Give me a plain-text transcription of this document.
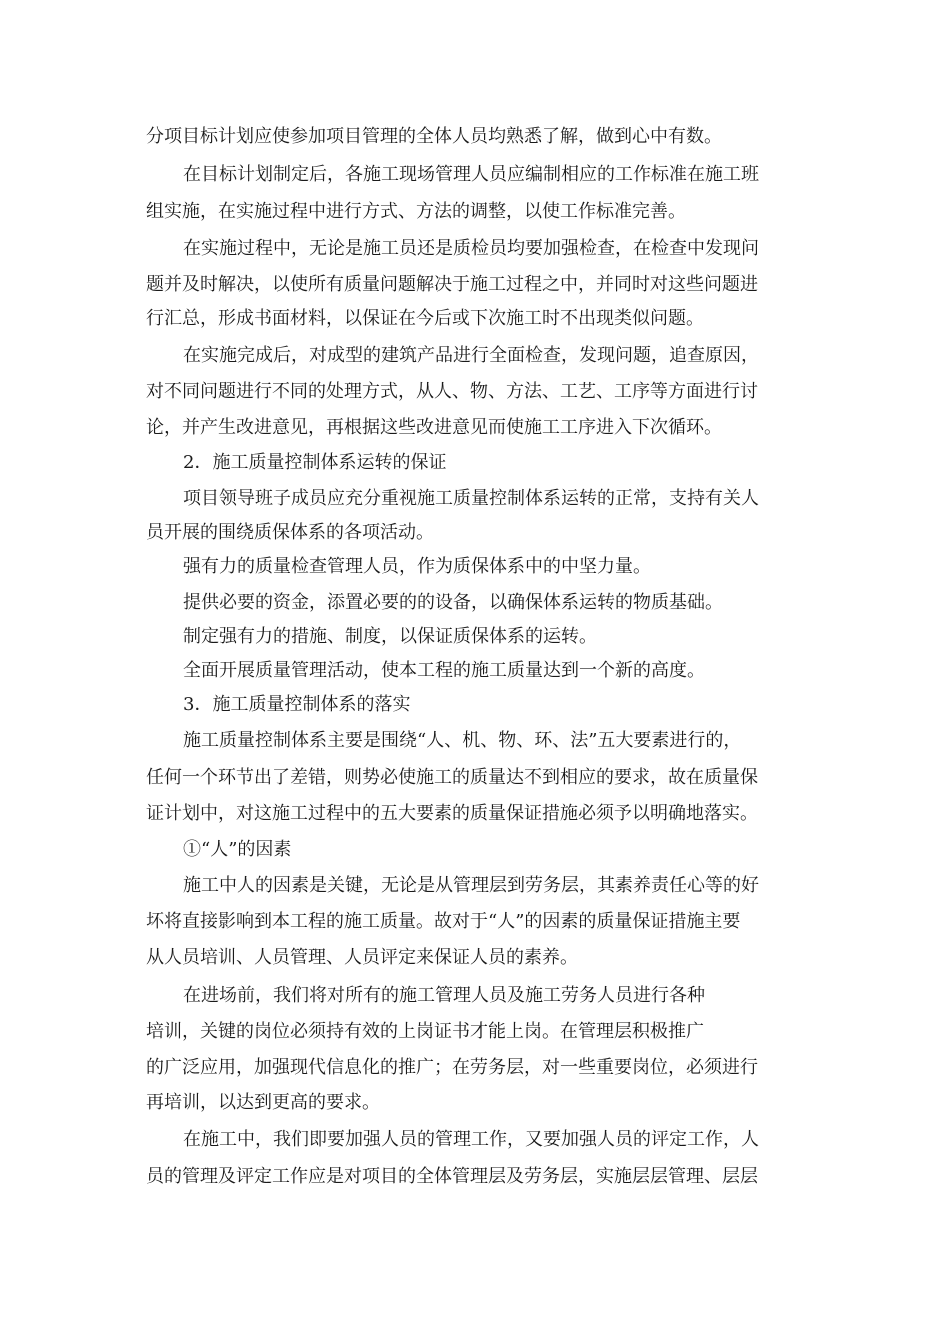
分项目标计划应使参加项目管理的全体人员均熟悉了解，做到心中有数。
在目标计划制定后，各施工现场管理人员应编制相应的工作标准在施工班
组实施，在实施过程中进行方式、方法的调整，以使工作标准完善。
在实施过程中，无论是施工员还是质检员均要加强检查，在检查中发现问
题并及时解决，以使所有质量问题解决于施工过程之中，并同时对这些问题进
行汇总，形成书面材料，以保证在今后或下次施工时不出现类似问题。
在实施完成后，对成型的建筑产品进行全面检查，发现问题，追查原因，
对不同问题进行不同的处理方式，从人、物、方法、工艺、工序等方面进行讨
论，并产生改进意见，再根据这些改进意见而使施工工序进入下次循环。
2．施工质量控制体系运转的保证
项目领导班子成员应充分重视施工质量控制体系运转的正常，支持有关人
员开展的围绕质保体系的各项活动。
强有力的质量检查管理人员，作为质保体系中的中坚力量。
提供必要的资金，添置必要的的设备，以确保体系运转的物质基础。
制定强有力的措施、制度，以保证质保体系的运转。
全面开展质量管理活动，使本工程的施工质量达到一个新的高度。
3．施工质量控制体系的落实
施工质量控制体系主要是围绕“人、机、物、环、法”五大要素进行的，
任何一个环节出了差错，则势必使施工的质量达不到相应的要求，故在质量保
证计划中，对这施工过程中的五大要素的质量保证措施必须予以明确地落实。
①“人”的因素
施工中人的因素是关键，无论是从管理层到劳务层，其素养责任心等的好
坏将直接影响到本工程的施工质量。故对于“人”的因素的质量保证措施主要
从人员培训、人员管理、人员评定来保证人员的素养。
在进场前，我们将对所有的施工管理人员及施工劳务人员进行各种
培训，关键的岗位必须持有效的上岗证书才能上岗。在管理层积极推广
的广泛应用，加强现代信息化的推广；在劳务层，对一些重要岗位，必须进行
再培训，以达到更高的要求。
在施工中，我们即要加强人员的管理工作，又要加强人员的评定工作，人
员的管理及评定工作应是对项目的全体管理层及劳务层，实施层层管理、层层
